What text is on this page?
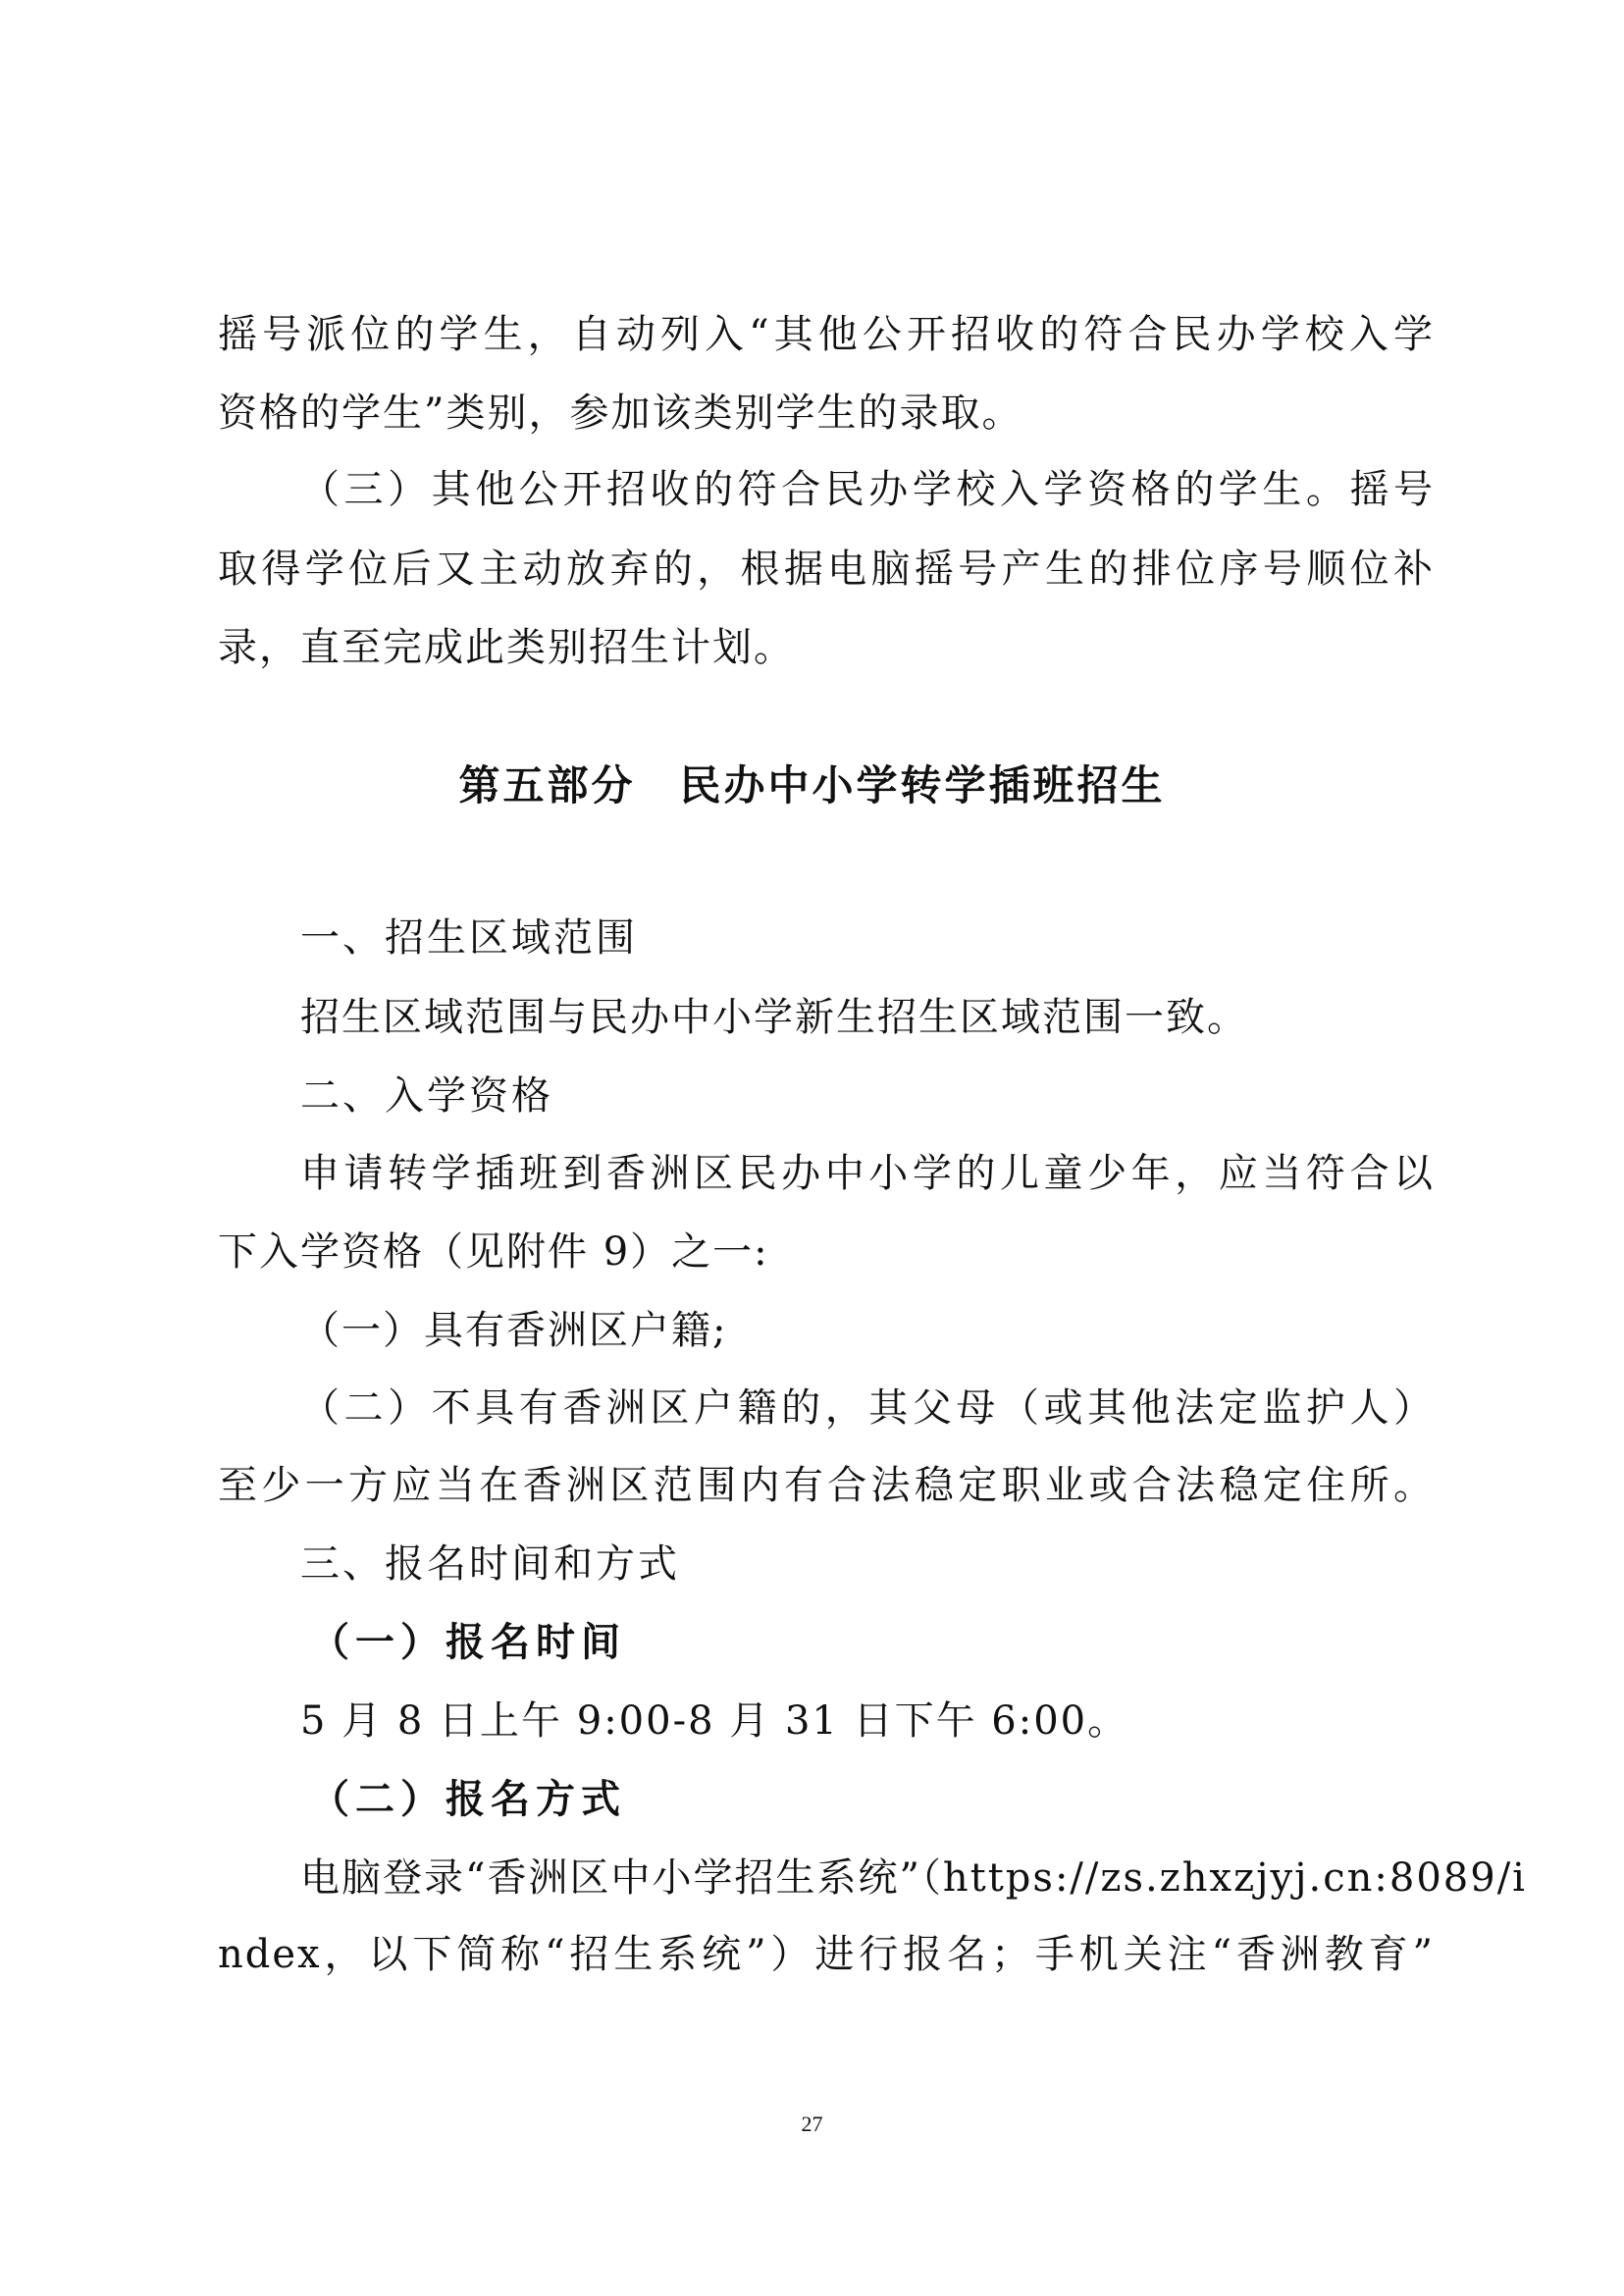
摇号派位的学生，自动列入“其他公开招收的符合民办学校入学
资格的学生”类别，参加该类别学生的录取。
（三）其他公开招收的符合民办学校入学资格的学生。摇号
取得学位后又主动放弃的，根据电脑摇号产生的排位序号顺位补
录，直至完成此类别招生计划。
第五部分　民办中小学转学插班招生
一、招生区域范围
招生区域范围与民办中小学新生招生区域范围一致。
二、入学资格
申请转学插班到香洲区民办中小学的儿童少年，应当符合以
下入学资格（见附件 9）之一:
（一）具有香洲区户籍;
（二）不具有香洲区户籍的，其父母（或其他法定监护人）
至少一方应当在香洲区范围内有合法稳定职业或合法稳定住所。
三、报名时间和方式
（一）报名时间
5 月 8 日上午 9:00-8 月 31 日下午 6:00。
（二）报名方式
电脑登录“香洲区中小学招生系统”（https://zs.zhxzjyj.cn:8089/i
ndex，以下简称“招生系统”）进行报名；手机关注“香洲教育”
27
